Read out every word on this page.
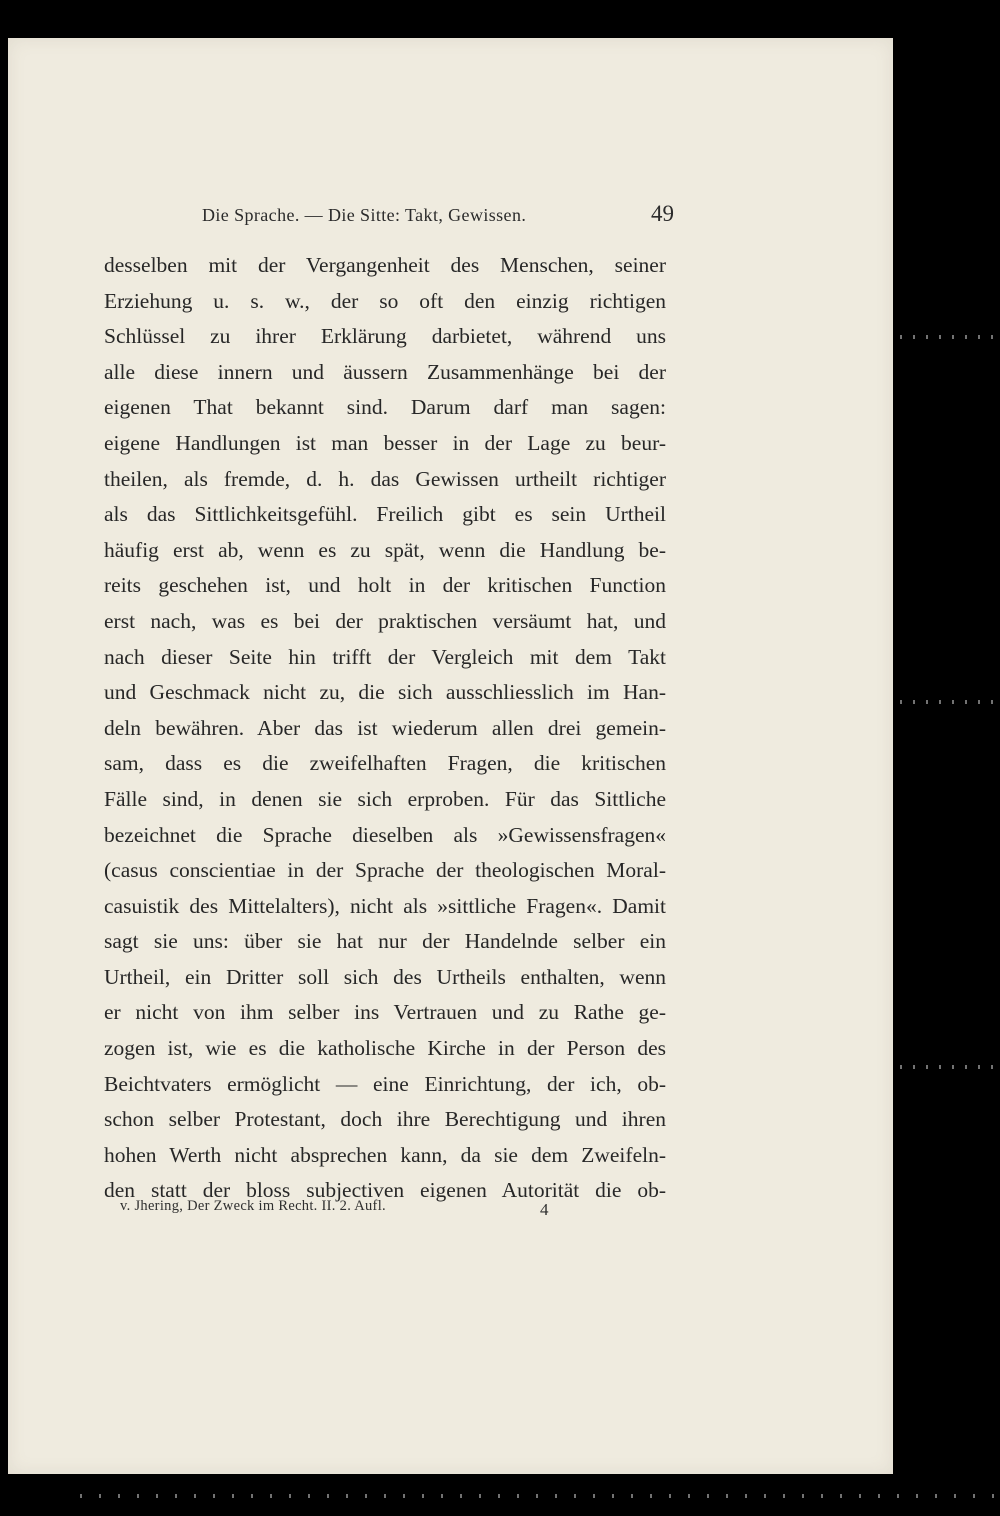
Die Sprache. — Die Sitte: Takt, Gewissen.	49
desselben mit der Vergangenheit des Menschen, seiner
Erziehung u. s. w., der so oft den einzig richtigen
Schlüssel zu ihrer Erklärung darbietet, während uns
alle diese innern und äussern Zusammenhänge bei der
eigenen That bekannt sind. Darum darf man sagen:
eigene Handlungen ist man besser in der Lage zu beur-
theilen, als fremde, d. h. das Gewissen urtheilt richtiger
als das Sittlichkeitsgefühl. Freilich gibt es sein Urtheil
häufig erst ab, wenn es zu spät, wenn die Handlung be-
reits geschehen ist, und holt in der kritischen Function
erst nach, was es bei der praktischen versäumt hat, und
nach dieser Seite hin trifft der Vergleich mit dem Takt
und Geschmack nicht zu, die sich ausschliesslich im Han-
deln bewähren. Aber das ist wiederum allen drei gemein-
sam, dass es die zweifelhaften Fragen, die kritischen
Fälle sind, in denen sie sich erproben. Für das Sittliche
bezeichnet die Sprache dieselben als »Gewissensfragen«
(casus conscientiae in der Sprache der theologischen Moral-
casuistik des Mittelalters), nicht als »sittliche Fragen«. Damit
sagt sie uns: über sie hat nur der Handelnde selber ein
Urtheil, ein Dritter soll sich des Urtheils enthalten, wenn
er nicht von ihm selber ins Vertrauen und zu Rathe ge-
zogen ist, wie es die katholische Kirche in der Person des
Beichtvaters ermöglicht — eine Einrichtung, der ich, ob-
schon selber Protestant, doch ihre Berechtigung und ihren
hohen Werth nicht absprechen kann, da sie dem Zweifeln-
den statt der bloss subjectiven eigenen Autorität die ob-
v. Jhering, Der Zweck im Recht. II. 2. Aufl.	4
